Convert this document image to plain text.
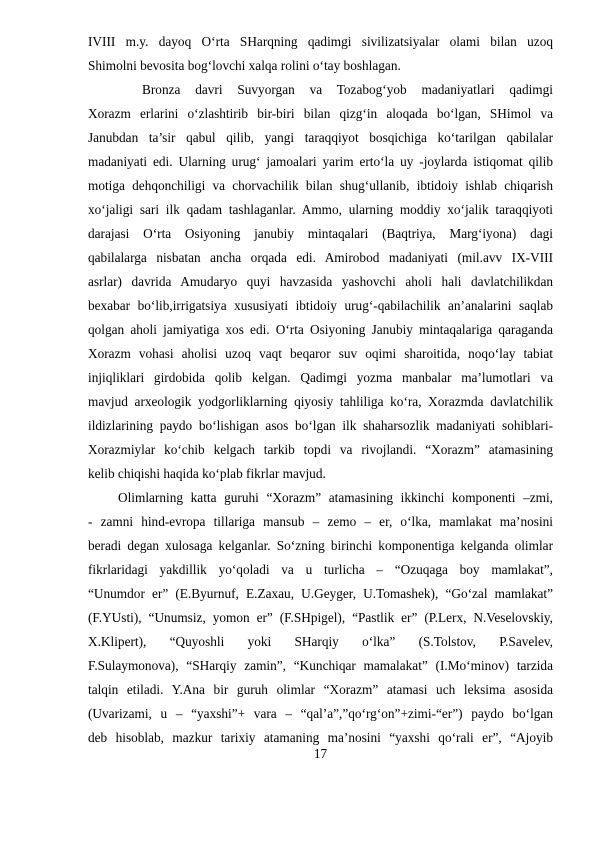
IVIII m.y. dayoq O‘rta SHarqning qadimgi sivilizatsiyalar olami bilan uzoq
Shimolni bevosita bog‘lovchi xalqa rolini o‘tay boshlagan.
Bronza davri Suvyorgan va Tozabog‘yob madaniyatlari qadimgi
Xorazm erlarini o‘zlashtirib bir-biri bilan qizg‘in aloqada bo‘lgan, SHimol va
Janubdan ta’sir qabul qilib, yangi taraqqiyot bosqichiga ko‘tarilgan qabilalar
madaniyati edi. Ularning urug‘ jamoalari yarim erto‘la uy -joylarda istiqomat qilib
motiga dehqonchiligi va chorvachilik bilan shug‘ullanib, ibtidoiy ishlab chiqarish
xo‘jaligi sari ilk qadam tashlaganlar. Ammo, ularning moddiy xo‘jalik taraqqiyoti
darajasi O‘rta Osiyoning janubiy mintaqalari (Baqtriya, Marg‘iyona) dagi
qabilalarga nisbatan ancha orqada edi. Amirobod madaniyati (mil.avv IX-VIII
asrlar) davrida Amudaryo quyi havzasida yashovchi aholi hali davlatchilikdan
bexabar bo‘lib,irrigatsiya xususiyati ibtidoiy urug‘-qabilachilik an’analarini saqlab
qolgan aholi jamiyatiga xos edi. O‘rta Osiyoning Janubiy mintaqalariga qaraganda
Xorazm vohasi aholisi uzoq vaqt beqaror suv oqimi sharoitida, noqo‘lay tabiat
injiqliklari girdobida qolib kelgan. Qadimgi yozma manbalar ma’lumotlari va
mavjud arxeologik yodgorliklarning qiyosiy tahliliga ko‘ra, Xorazmda davlatchilik
ildizlarining paydo bo‘lishigan asos bo‘lgan ilk shaharsozlik madaniyati sohiblari-
Xorazmiylar ko‘chib kelgach tarkib topdi va rivojlandi. “Xorazm” atamasining
kelib chiqishi haqida ko‘plab fikrlar mavjud.
Olimlarning katta guruhi “Xorazm” atamasining ikkinchi komponenti –zmi,
- zamni hind-evropa tillariga mansub – zemo – er, o‘lka, mamlakat ma’nosini
beradi degan xulosaga kelganlar. So‘zning birinchi komponentiga kelganda olimlar
fikrlaridagi yakdillik yo‘qoladi va u turlicha – “Ozuqaga boy mamlakat”,
“Unumdor er” (E.Byurnuf, E.Zaxau, U.Geyger, U.Tomashek), “Go‘zal mamlakat”
(F.YUsti), “Unumsiz, yomon er” (F.SHpigel), “Pastlik er” (P.Lerx, N.Veselovskiy,
X.Klipert), “Quyoshli yoki SHarqiy o‘lka” (S.Tolstov, P.Savelev,
F.Sulaymonova), “SHarqiy zamin”, “Kunchiqar mamalakat” (I.Mo‘minov) tarzida
talqin etiladi. Y.Ana bir guruh olimlar “Xorazm” atamasi uch leksima asosida
(Uvarizami, u – “yaxshi”+ vara – “qal’a”,”qo‘rg‘on”+zimi-“er”) paydo bo‘lgan
deb hisoblab, mazkur tarixiy atamaning ma’nosini “yaxshi qo‘rali er”, “Ajoyib
17
